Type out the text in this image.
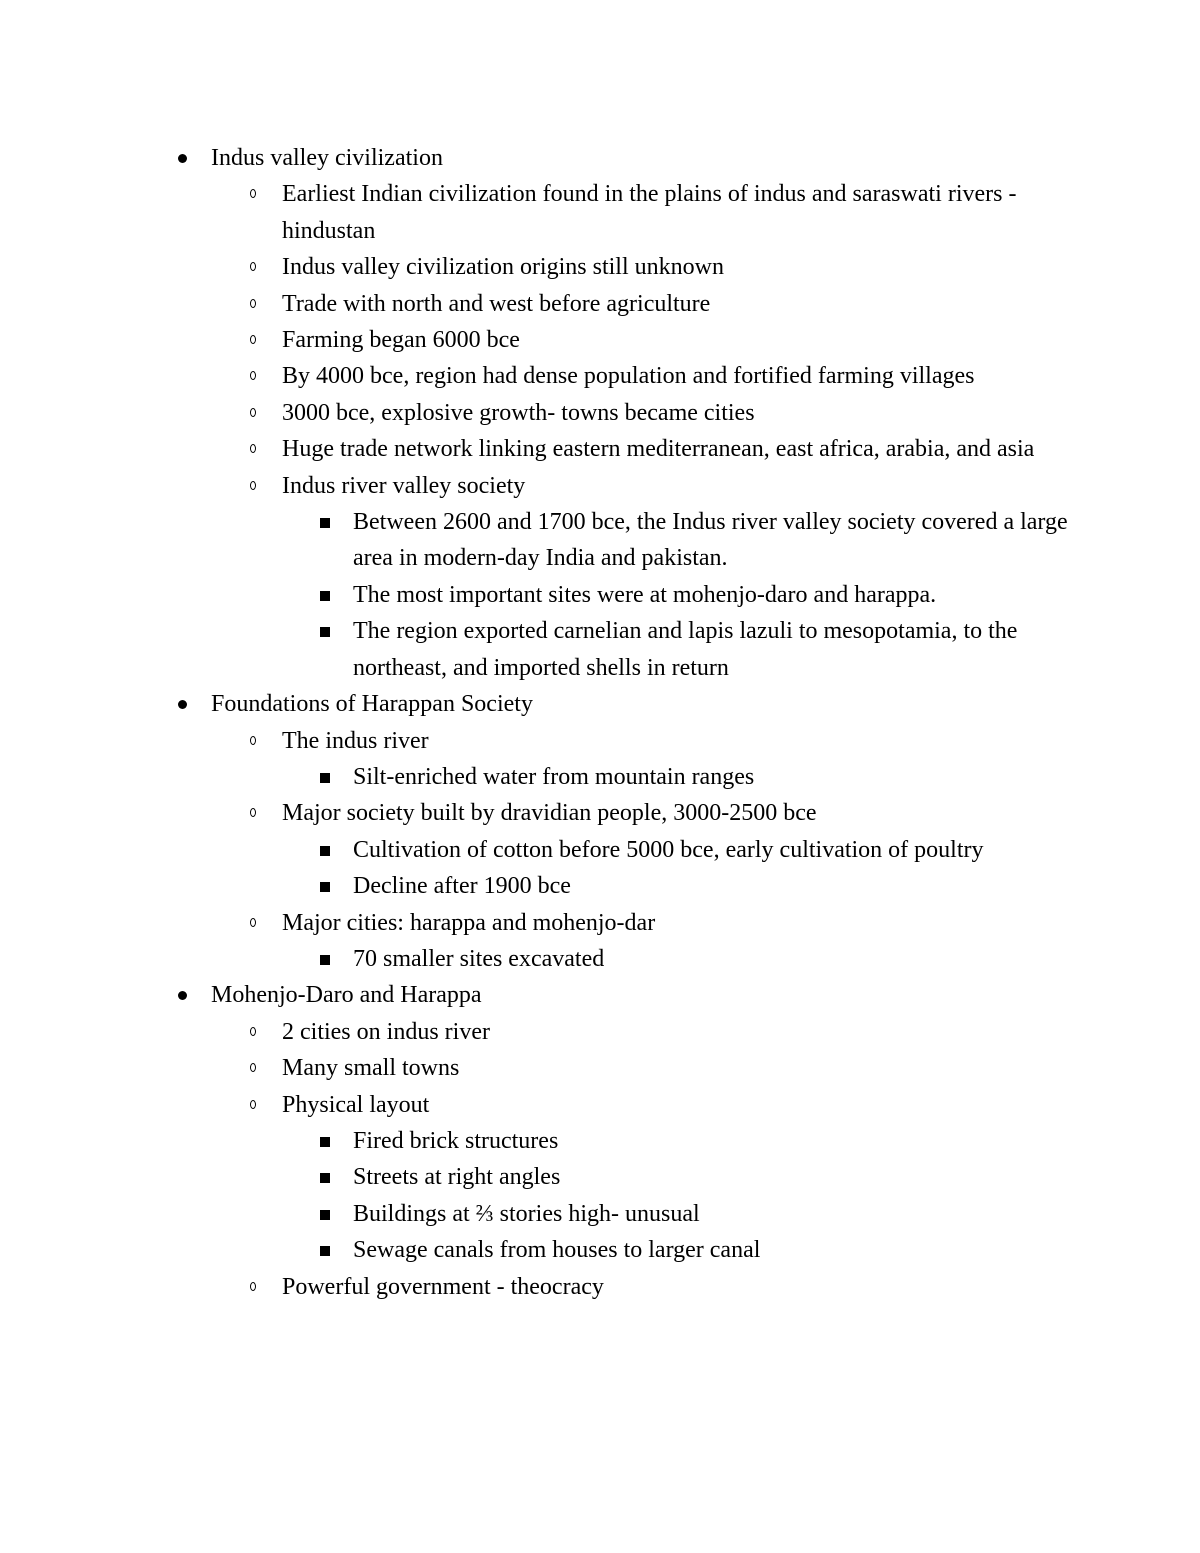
Indus valley civilization
Earliest Indian civilization found in the plains of indus and saraswati rivers - hindustan
Indus valley civilization origins still unknown
Trade with north and west before agriculture
Farming began 6000 bce
By 4000 bce, region had dense population and fortified farming villages
3000 bce, explosive growth- towns became cities
Huge trade network linking eastern mediterranean, east africa, arabia, and asia
Indus river valley society
Between 2600 and 1700 bce, the Indus river valley society covered a large area in modern-day India and pakistan.
The most important sites were at mohenjo-daro and harappa.
The region exported carnelian and lapis lazuli to mesopotamia, to the northeast, and imported shells in return
Foundations of Harappan Society
The indus river
Silt-enriched water from mountain ranges
Major society built by dravidian people, 3000-2500 bce
Cultivation of cotton before 5000 bce, early cultivation of poultry
Decline after 1900 bce
Major cities: harappa and mohenjo-dar
70 smaller sites excavated
Mohenjo-Daro and Harappa
2 cities on indus river
Many small towns
Physical layout
Fired brick structures
Streets at right angles
Buildings at ⅔ stories high- unusual
Sewage canals from houses to larger canal
Powerful government - theocracy
